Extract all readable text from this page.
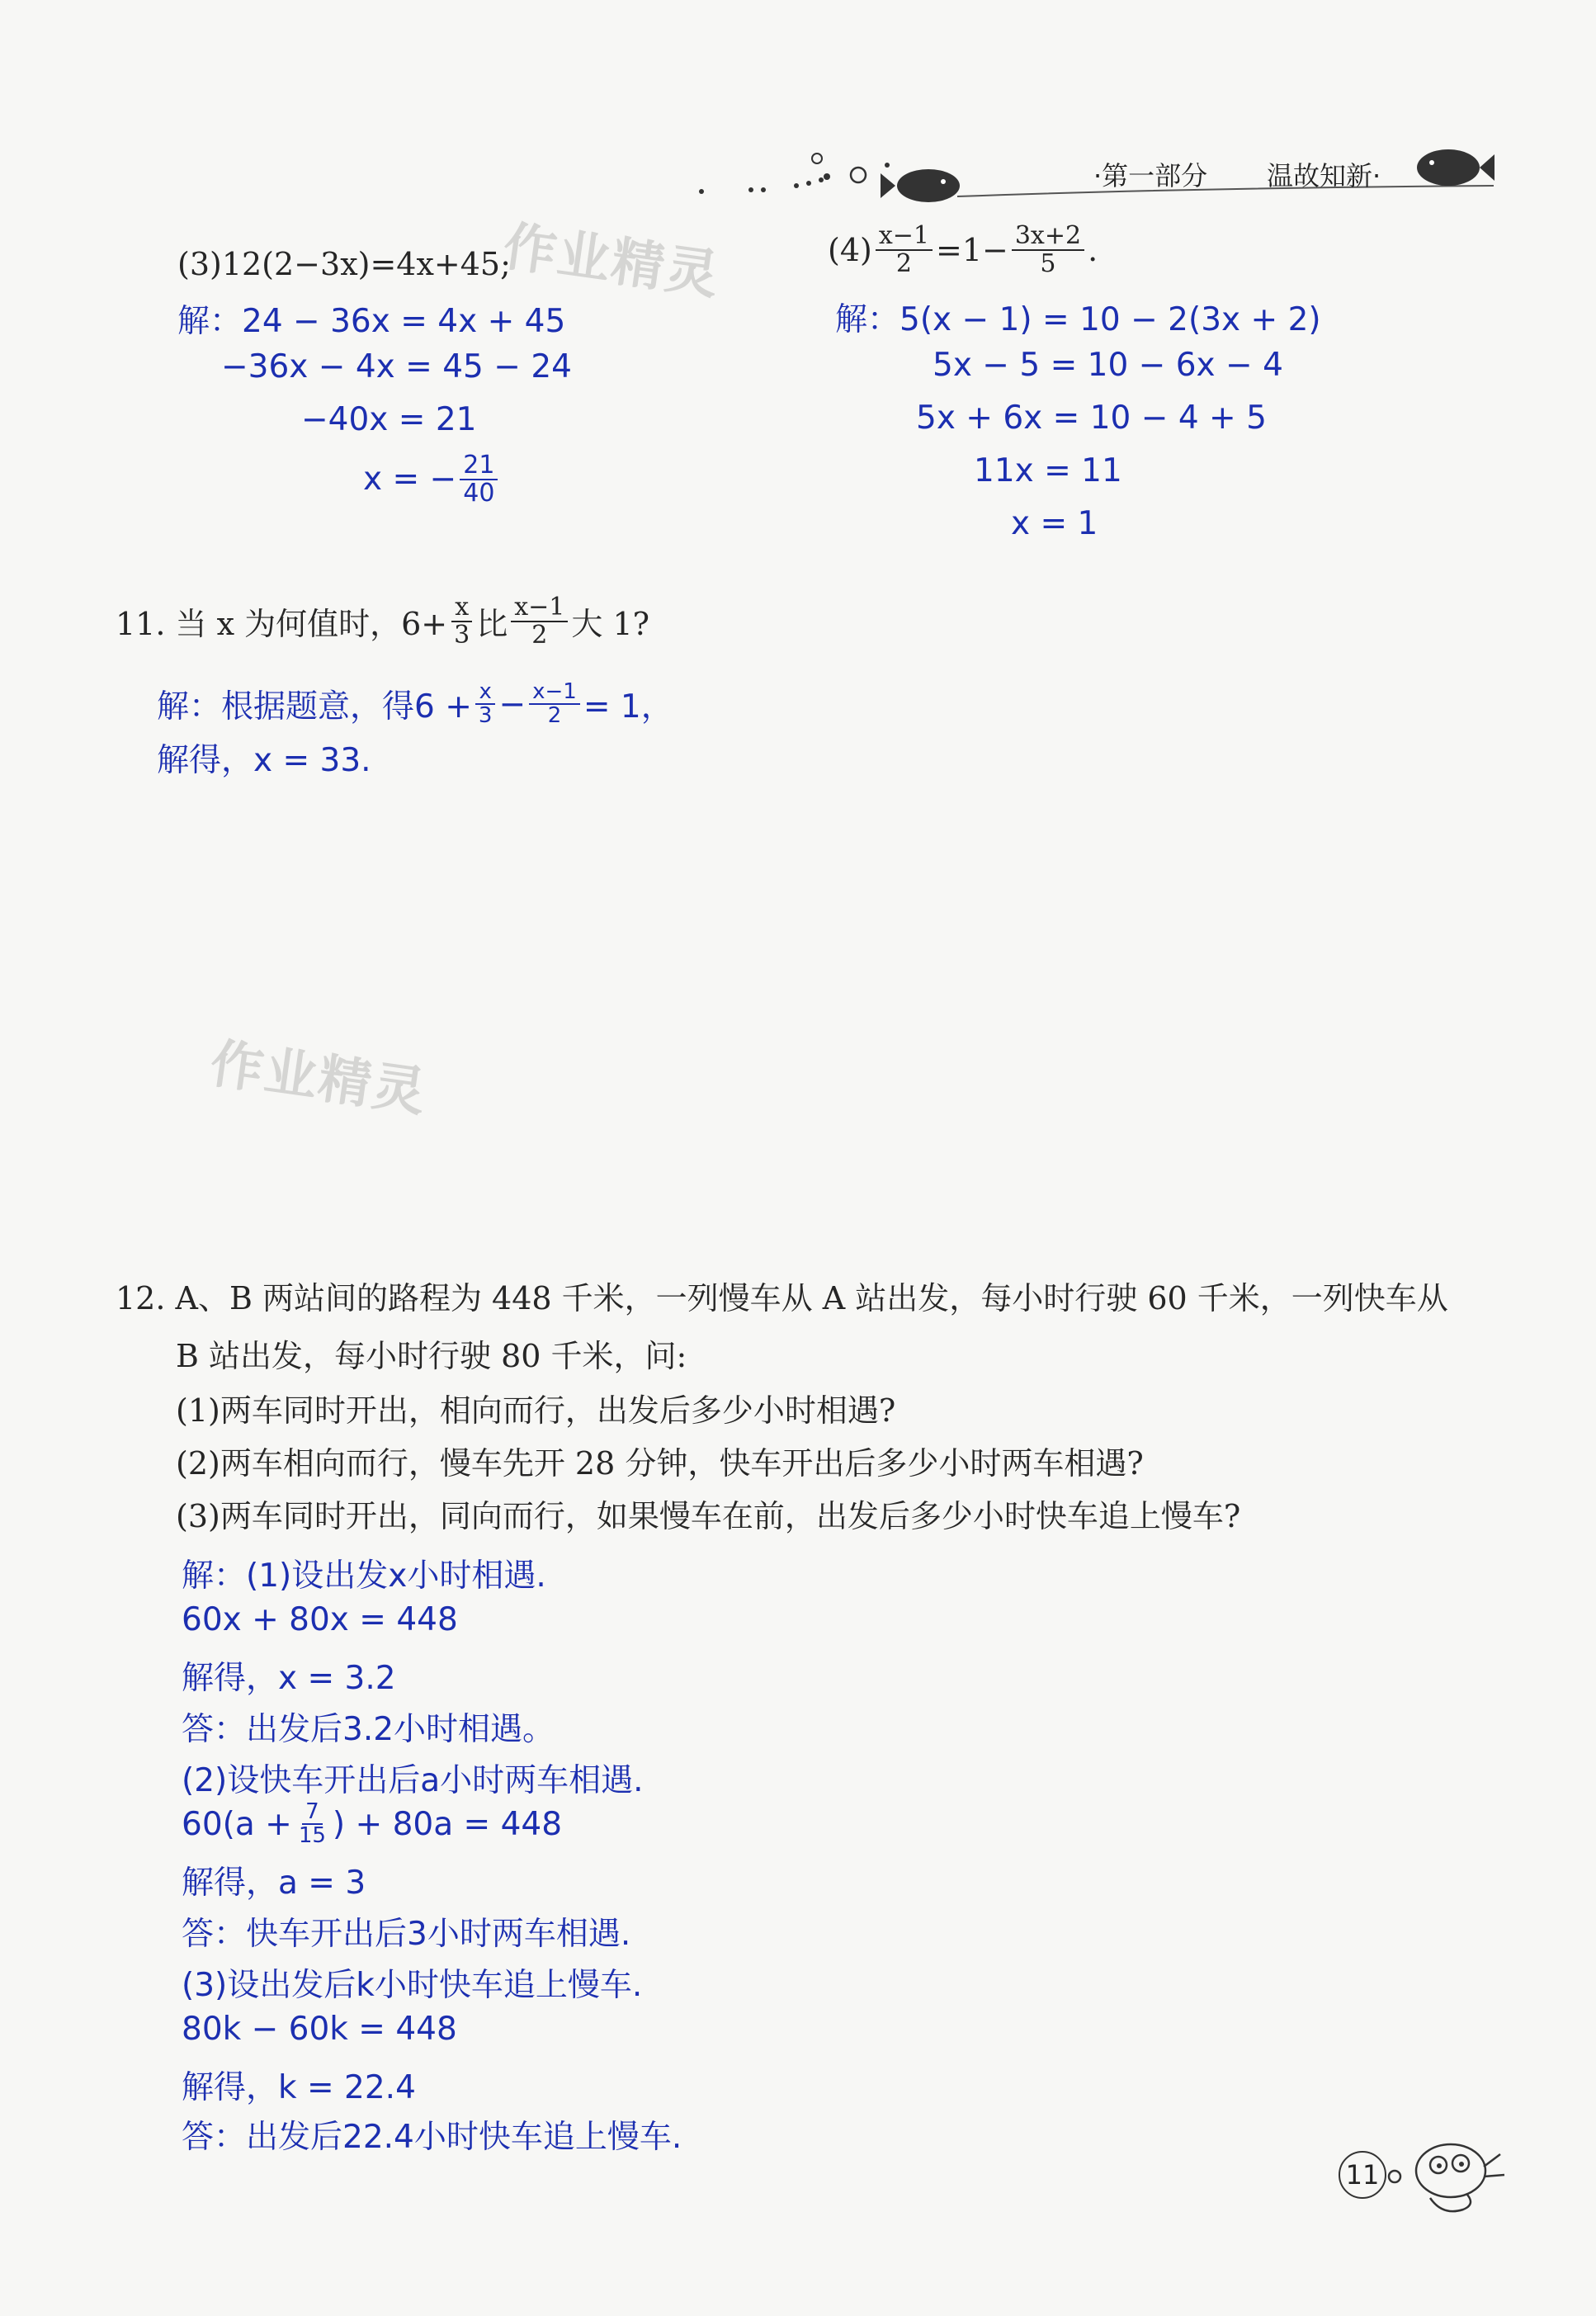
·第一部分 温故知新·
作业精灵
作业精灵
(3)12(2−3x)=4x+45;
解：24 − 36x = 4x + 45
−36x − 4x = 45 − 24
−40x = 21
x = − $\frac{21}{40}$
$(4) \frac{x-1}{2} =1- \frac{3x+2}{5}$ .
解：5(x − 1) = 10 − 2(3x + 2)
5x − 5 = 10 − 6x − 4
5x + 6x = 10 − 4 + 5
11x = 11
x = 1
11. 当 x 为何值时，$6+ \frac{x}{3}$ 比 $\frac{x-1}{2}$ 大 1?
解：根据题意，得$6 + \frac{x}{3} - \frac{x-1}{2} = 1$，
解得，x = 33.
12. A、B 两站间的路程为 448 千米，一列慢车从 A 站出发，每小时行驶 60 千米，一列快车从
B 站出发，每小时行驶 80 千米，问:
(1)两车同时开出，相向而行，出发后多少小时相遇?
(2)两车相向而行，慢车先开 28 分钟，快车开出后多少小时两车相遇?
(3)两车同时开出，同向而行，如果慢车在前，出发后多少小时快车追上慢车?
解：(1)设出发x小时相遇.
60x + 80x = 448
解得，x = 3.2
答：出发后3.2小时相遇。
(2)设快车开出后a小时两车相遇.
$60(a + \frac{7}{15}$ ) + 80a = 448
解得，a = 3
答：快车开出后3小时两车相遇.
(3)设出发后k小时快车追上慢车.
80k − 60k = 448
解得，k = 22.4
答：出发后22.4小时快车追上慢车.
11
